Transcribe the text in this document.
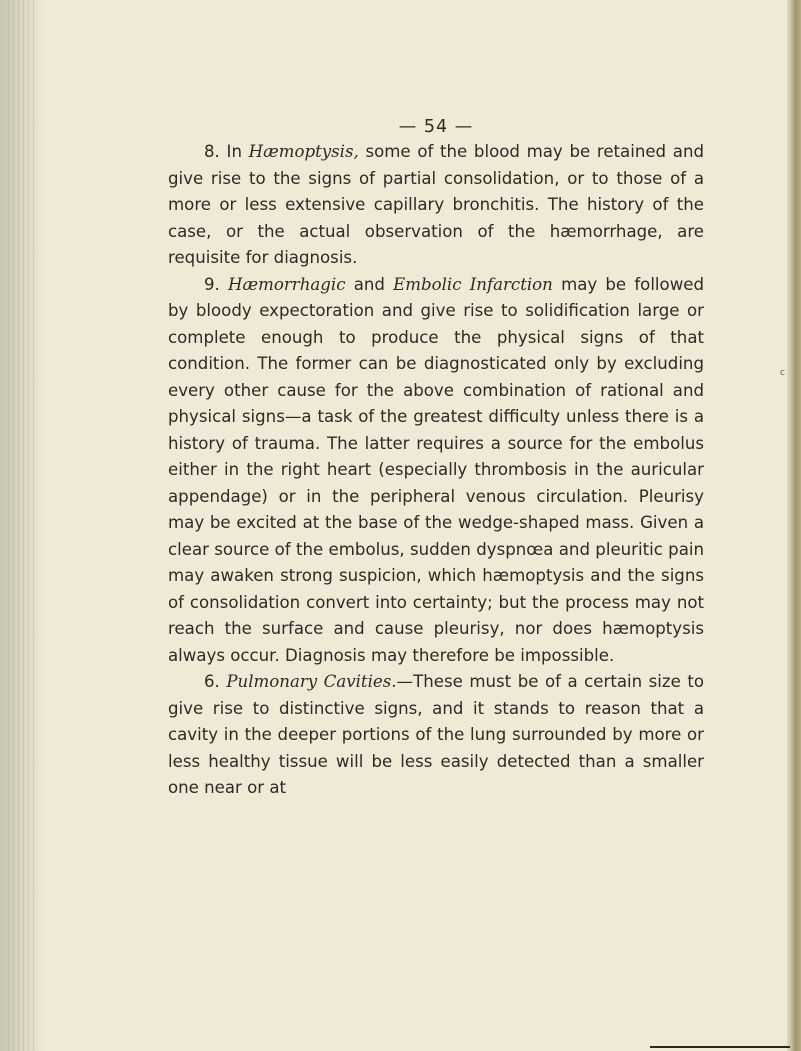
c
— 54 —

8. In Hæmoptysis, some of the blood may be retained and give rise to the signs of partial consolidation, or to those of a more or less extensive capillary bronchitis. The history of the case, or the actual observation of the hæmorrhage, are requisite for diagnosis.

9. Hæmorrhagic and Embolic Infarction may be followed by bloody expectoration and give rise to solidification large or complete enough to produce the physical signs of that condition. The former can be diagnosticated only by excluding every other cause for the above combination of rational and physical signs—a task of the greatest difficulty unless there is a history of trauma. The latter requires a source for the embolus either in the right heart (especially thrombosis in the auricular appendage) or in the peripheral venous circulation. Pleurisy may be excited at the base of the wedge-shaped mass. Given a clear source of the embolus, sudden dyspnœa and pleuritic pain may awaken strong suspicion, which hæmoptysis and the signs of consolidation convert into certainty; but the process may not reach the surface and cause pleurisy, nor does hæmoptysis always occur. Diagnosis may therefore be impossible.

6. Pulmonary Cavities.—These must be of a certain size to give rise to distinctive signs, and it stands to reason that a cavity in the deeper portions of the lung surrounded by more or less healthy tissue will be less easily detected than a smaller one near or at
